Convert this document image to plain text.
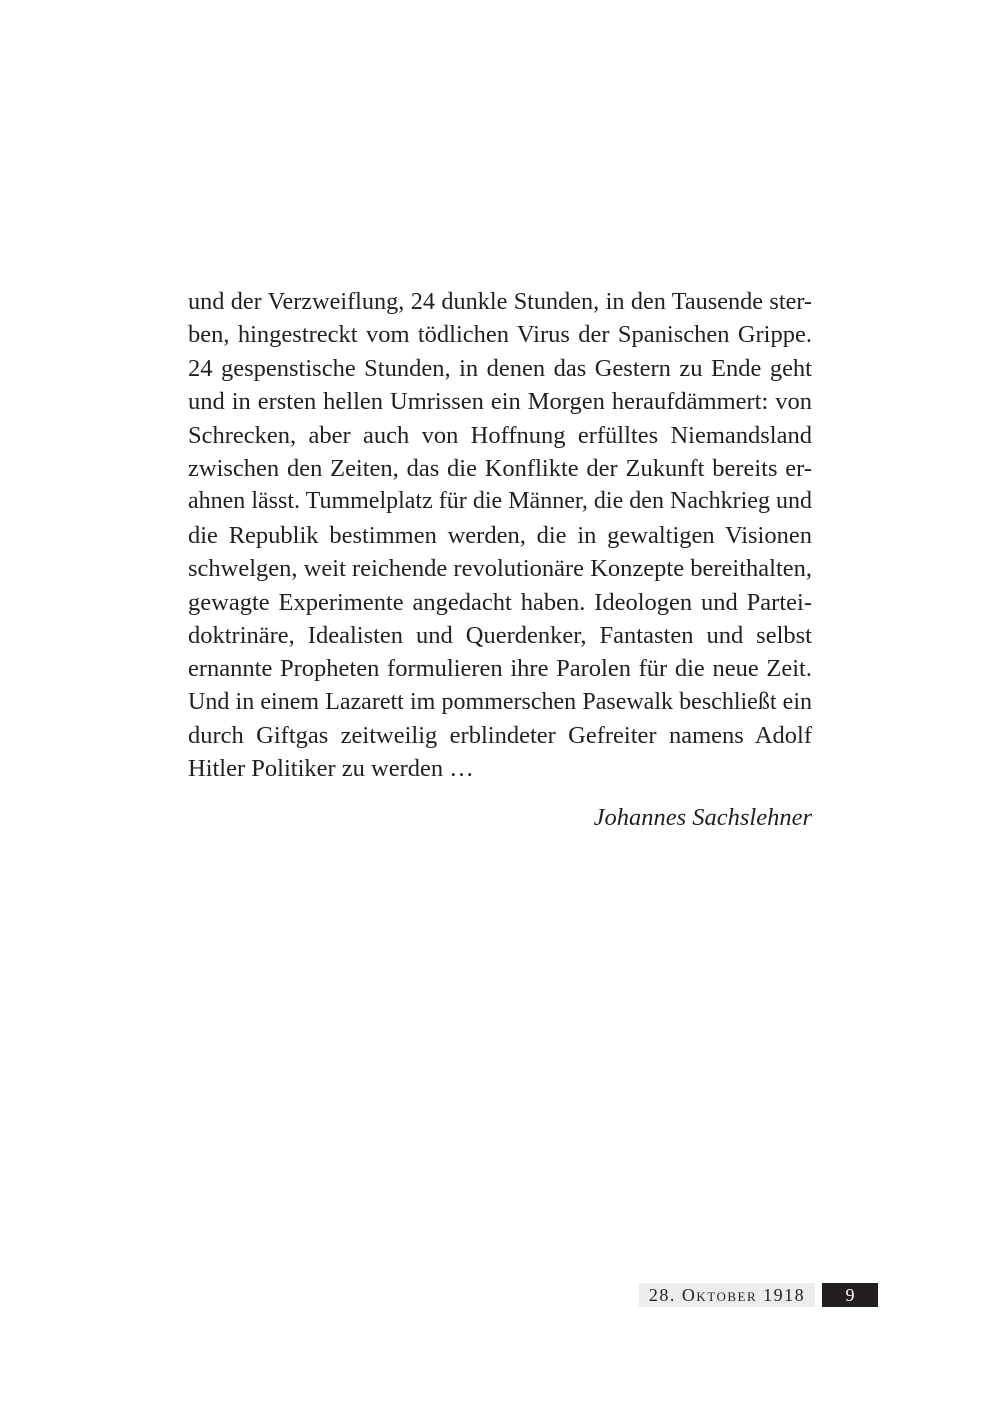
und der Verzweiflung, 24 dunkle Stunden, in den Tausende ster-
ben, hingestreckt vom tödlichen Virus der Spanischen Grippe.
24 gespenstische Stunden, in denen das Gestern zu Ende geht
und in ersten hellen Umrissen ein Morgen heraufdämmert: von
Schrecken, aber auch von Hoffnung erfülltes Niemandsland
zwischen den Zeiten, das die Konflikte der Zukunft bereits er-
ahnen lässt. Tummelplatz für die Männer, die den Nachkrieg und
die Republik bestimmen werden, die in gewaltigen Visionen
schwelgen, weit reichende revolutionäre Konzepte bereithalten,
gewagte Experimente angedacht haben. Ideologen und Partei-
doktrinäre, Idealisten und Querdenker, Fantasten und selbst
ernannte Propheten formulieren ihre Parolen für die neue Zeit.
Und in einem Lazarett im pommerschen Pasewalk beschließt ein
durch Giftgas zeitweilig erblindeter Gefreiter namens Adolf
Hitler Politiker zu werden …
Johannes Sachslehner
28. Oktober 1918	9
